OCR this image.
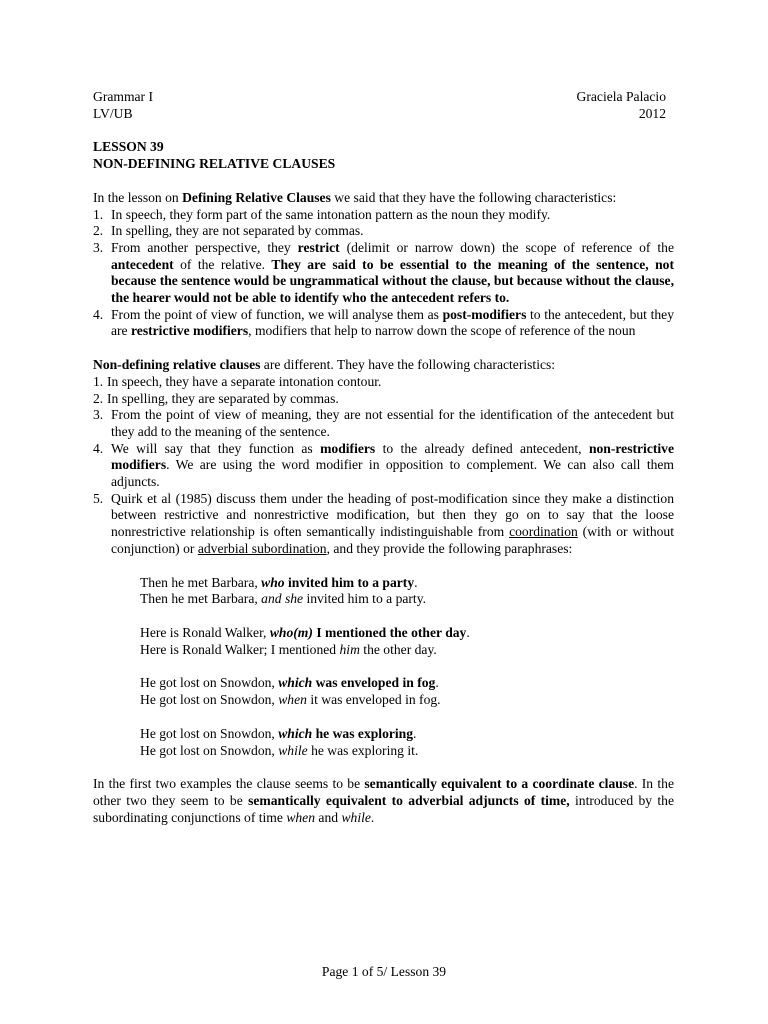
Grammar I	Graciela Palacio
LV/UB	2012
LESSON 39
NON-DEFINING RELATIVE CLAUSES

In the lesson on Defining Relative Clauses we said that they have the following characteristics:

1. In speech, they form part of the same intonation pattern as the noun they modify.
2. In spelling, they are not separated by commas.
3. From another perspective, they restrict (delimit or narrow down) the scope of reference of the antecedent of the relative. They are said to be essential to the meaning of the sentence, not because the sentence would be ungrammatical without the clause, but because without the clause, the hearer would not be able to identify who the antecedent refers to.
4. From the point of view of function, we will analyse them as post-modifiers to the antecedent, but they are restrictive modifiers, modifiers that help to narrow down the scope of reference of the noun

Non-defining relative clauses are different. They have the following characteristics:

1. In speech, they have a separate intonation contour.
2. In spelling, they are separated by commas.
3. From the point of view of meaning, they are not essential for the identification of the antecedent but they add to the meaning of the sentence.
4. We will say that they function as modifiers to the already defined antecedent, non-restrictive modifiers. We are using the word modifier in opposition to complement. We can also call them adjuncts.
5. Quirk et al (1985) discuss them under the heading of post-modification since they make a distinction between restrictive and nonrestrictive modification, but then they go on to say that the loose nonrestrictive relationship is often semantically indistinguishable from coordination (with or without conjunction) or adverbial subordination, and they provide the following paraphrases:
Then he met Barbara, who invited him to a party.
Then he met Barbara, and she invited him to a party.
Here is Ronald Walker, who(m) I mentioned the other day.
Here is Ronald Walker; I mentioned him the other day.
He got lost on Snowdon, which was enveloped in fog.
He got lost on Snowdon, when it was enveloped in fog.
He got lost on Snowdon, which he was exploring.
He got lost on Snowdon, while he was exploring it.

In the first two examples the clause seems to be semantically equivalent to a coordinate clause. In the other two they seem to be semantically equivalent to adverbial adjuncts of time, introduced by the subordinating conjunctions of time when and while.

Page 1 of 5/ Lesson 39
